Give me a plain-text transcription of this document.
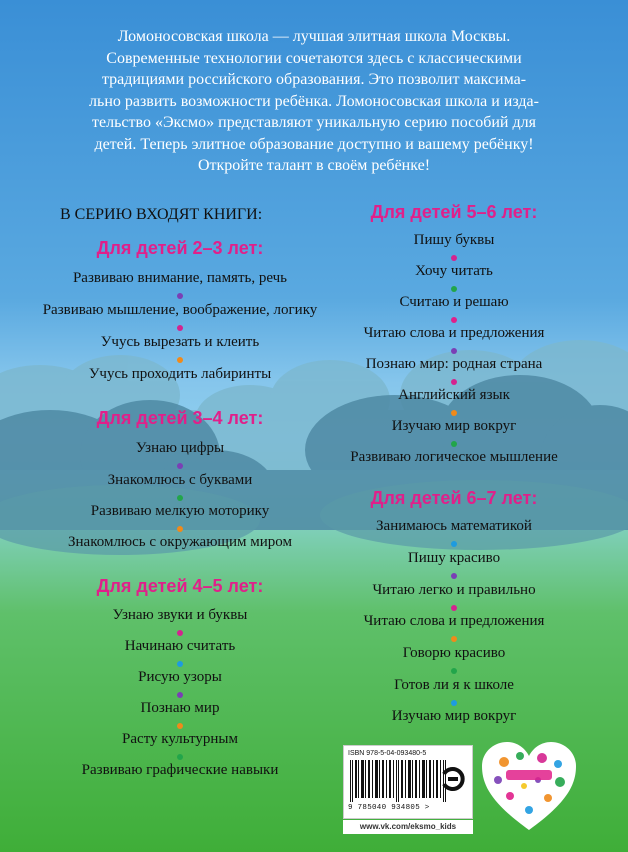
Ломоносовская школа — лучшая элитная школа Москвы.
Современные технологии сочетаются здесь с классическими
традициями российского образования. Это позволит максима-
льно развить возможности ребёнка. Ломоносовская школа и изда-
тельство «Эксмо» представляют уникальную серию пособий для
детей. Теперь элитное образование доступно и вашему ребёнку!
Откройте талант в своём ребёнке!
В СЕРИЮ ВХОДЯТ КНИГИ:
Для детей 2–3 лет:
Развиваю внимание, память, речь
Развиваю мышление, воображение, логику
Учусь вырезать и клеить
Учусь проходить лабиринты
Для детей 3–4 лет:
Узнаю цифры
Знакомлюсь с буквами
Развиваю мелкую моторику
Знакомлюсь с окружающим миром
Для детей 4–5 лет:
Узнаю звуки и буквы
Начинаю считать
Рисую узоры
Познаю мир
Расту культурным
Развиваю графические навыки
Для детей 5–6 лет:
Пишу буквы
Хочу читать
Считаю и решаю
Читаю слова и предложения
Познаю мир: родная страна
Английский язык
Изучаю мир вокруг
Развиваю логическое мышление
Для детей 6–7 лет:
Занимаюсь математикой
Пишу красиво
Читаю легко и правильно
Читаю слова и предложения
Говорю красиво
Готов ли я к школе
Изучаю мир вокруг
ISBN 978-5-04-093480-5
9 785040 934805 >
www.vk.com/eksmo_kids
